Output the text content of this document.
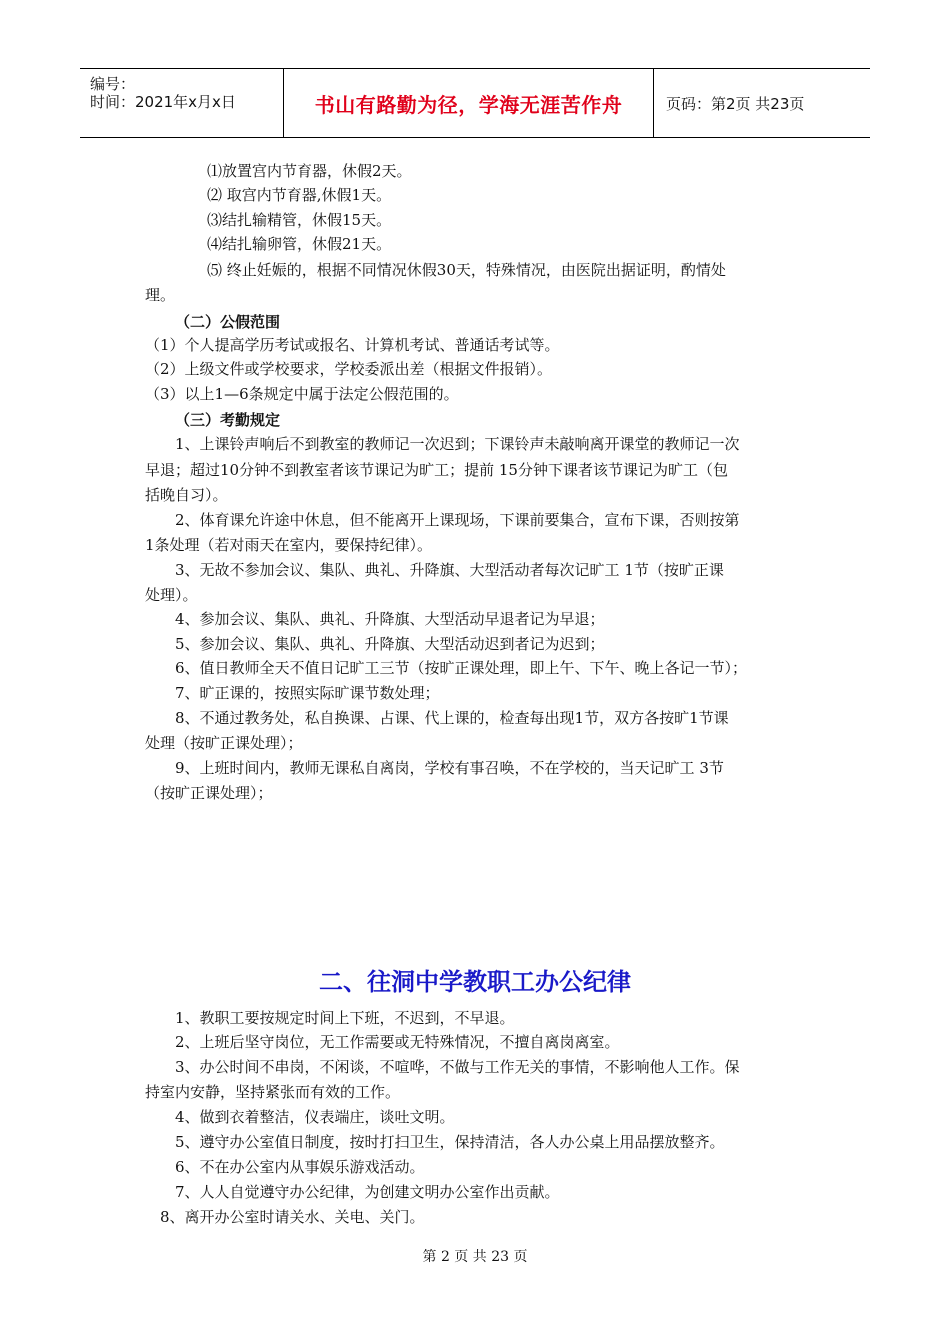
编号：
时间：2021年x月x日	书山有路勤为径，学海无涯苦作舟	页码：第2页 共23页
⑴放置宫内节育器，休假2天。
⑵ 取宫内节育器,休假1天。
⑶结扎输精管，休假15天。
⑷结扎输卵管，休假21天。
⑸ 终止妊娠的，根据不同情况休假30天，特殊情况，由医院出据证明，酌情处
理。
（二）公假范围
（1）个人提高学历考试或报名、计算机考试、普通话考试等。
（2）上级文件或学校要求，学校委派出差（根据文件报销）。
（3）以上1—6条规定中属于法定公假范围的。
（三）考勤规定
1、上课铃声响后不到教室的教师记一次迟到；下课铃声未敲响离开课堂的教师记一次
早退；超过10分钟不到教室者该节课记为旷工；提前 15分钟下课者该节课记为旷工（包
括晚自习）。
2、体育课允许途中休息，但不能离开上课现场，下课前要集合，宣布下课，否则按第
1条处理（若对雨天在室内，要保持纪律）。
3、无故不参加会议、集队、典礼、升降旗、大型活动者每次记旷工 1节（按旷正课
处理）。
4、参加会议、集队、典礼、升降旗、大型活动早退者记为早退；
5、参加会议、集队、典礼、升降旗、大型活动迟到者记为迟到；
6、值日教师全天不值日记旷工三节（按旷正课处理，即上午、下午、晚上各记一节）；
7、旷正课的，按照实际旷课节数处理；
8、不通过教务处，私自换课、占课、代上课的，检查每出现1节，双方各按旷1节课
处理（按旷正课处理）；
9、上班时间内，教师无课私自离岗，学校有事召唤，不在学校的，当天记旷工 3节
（按旷正课处理）；
二、往洞中学教职工办公纪律
1、教职工要按规定时间上下班，不迟到，不早退。
2、上班后坚守岗位，无工作需要或无特殊情况，不擅自离岗离室。
3、办公时间不串岗，不闲谈，不喧哗，不做与工作无关的事情，不影响他人工作。保
持室内安静，坚持紧张而有效的工作。
4、做到衣着整洁，仪表端庄，谈吐文明。
5、遵守办公室值日制度，按时打扫卫生，保持清洁，各人办公桌上用品摆放整齐。
6、不在办公室内从事娱乐游戏活动。
7、人人自觉遵守办公纪律，为创建文明办公室作出贡献。
8、离开办公室时请关水、关电、关门。
第 2 页 共 23 页
